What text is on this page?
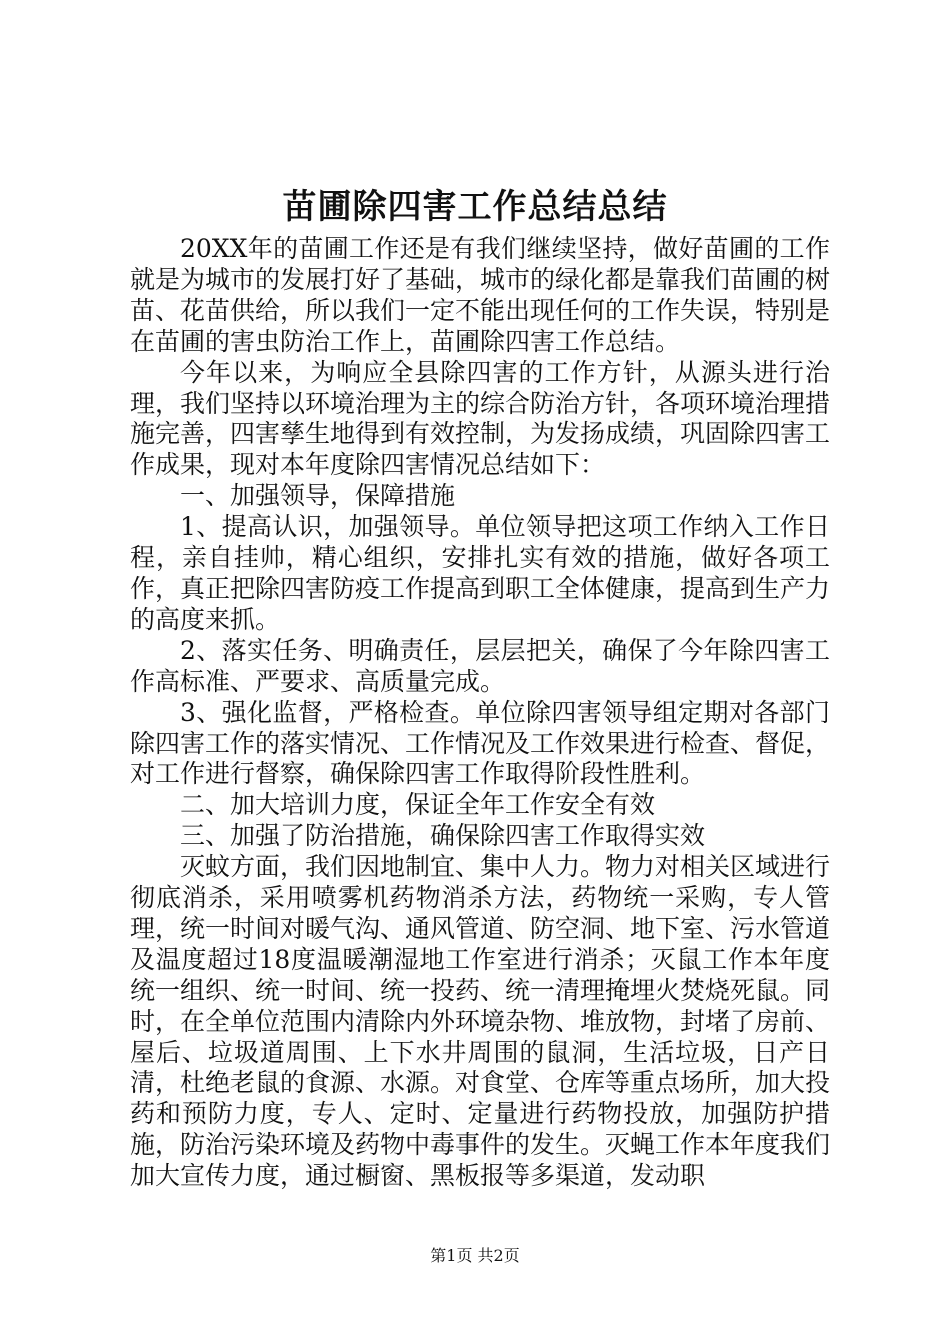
苗圃除四害工作总结总结

20XX年的苗圃工作还是有我们继续坚持，做好苗圃的工作就是为城市的发展打好了基础，城市的绿化都是靠我们苗圃的树苗、花苗供给，所以我们一定不能出现任何的工作失误，特别是在苗圃的害虫防治工作上，苗圃除四害工作总结。

今年以来，为响应全县除四害的工作方针，从源头进行治理，我们坚持以环境治理为主的综合防治方针，各项环境治理措施完善，四害孳生地得到有效控制，为发扬成绩，巩固除四害工作成果，现对本年度除四害情况总结如下：

一、加强领导，保障措施

1、提高认识，加强领导。单位领导把这项工作纳入工作日程，亲自挂帅，精心组织，安排扎实有效的措施，做好各项工作，真正把除四害防疫工作提高到职工全体健康，提高到生产力的高度来抓。

2、落实任务、明确责任，层层把关，确保了今年除四害工作高标准、严要求、高质量完成。

3、强化监督，严格检查。单位除四害领导组定期对各部门除四害工作的落实情况、工作情况及工作效果进行检查、督促，对工作进行督察，确保除四害工作取得阶段性胜利。

二、加大培训力度，保证全年工作安全有效

三、加强了防治措施，确保除四害工作取得实效

灭蚊方面，我们因地制宜、集中人力。物力对相关区域进行彻底消杀，采用喷雾机药物消杀方法，药物统一采购，专人管理，统一时间对暖气沟、通风管道、防空洞、地下室、污水管道及温度超过18度温暖潮湿地工作室进行消杀；灭鼠工作本年度统一组织、统一时间、统一投药、统一清理掩埋火焚烧死鼠。同时，在全单位范围内清除内外环境杂物、堆放物，封堵了房前、屋后、垃圾道周围、上下水井周围的鼠洞，生活垃圾，日产日清，杜绝老鼠的食源、水源。对食堂、仓库等重点场所，加大投药和预防力度，专人、定时、定量进行药物投放，加强防护措施，防治污染环境及药物中毒事件的发生。灭蝇工作本年度我们加大宣传力度，通过橱窗、黑板报等多渠道，发动职

第1页 共2页
